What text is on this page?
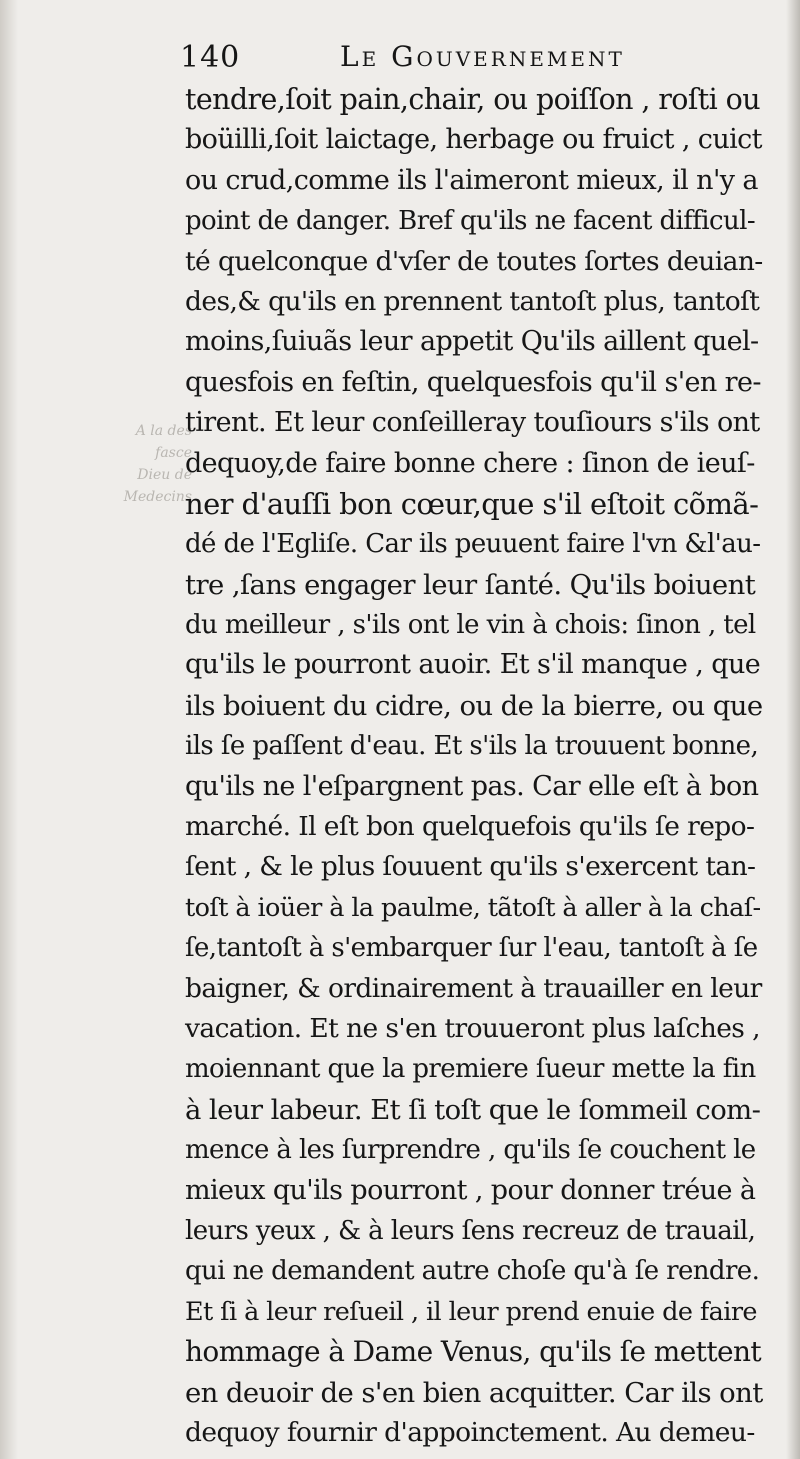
140	Le Gouvernement
A la des
fasce
Dieu de
Medecins
tendre,ſoit pain,chair, ou poiſſon , roſti ou
boüilli,ſoit laictage, herbage ou fruict , cuict
ou crud,comme ils l'aimeront mieux, il n'y a
point de danger. Bref qu'ils ne facent difficul-
té quelconque d'vſer de toutes ſortes deuian-
des,& qu'ils en prennent tantoſt plus, tantoſt
moins,ſuiuãs leur appetit Qu'ils aillent quel-
quesfois en feſtin, quelquesfois qu'il s'en re-
tirent. Et leur conſeilleray touſiours s'ils ont
dequoy,de faire bonne chere : ſinon de ieuſ-
ner d'auſſi bon cœur,que s'il eſtoit cõmã-
dé de l'Egliſe. Car ils peuuent faire l'vn &l'au-
tre ,ſans engager leur ſanté. Qu'ils boiuent
du meilleur , s'ils ont le vin à chois: ſinon , tel
qu'ils le pourront auoir. Et s'il manque , que
ils boiuent du cidre, ou de la bierre, ou que
ils ſe paſſent d'eau. Et s'ils la trouuent bonne,
qu'ils ne l'eſpargnent pas. Car elle eſt à bon
marché. Il eſt bon quelquefois qu'ils ſe repo-
ſent , & le plus ſouuent qu'ils s'exercent tan-
toſt à ioüer à la paulme, tãtoſt à aller à la chaſ-
ſe,tantoſt à s'embarquer ſur l'eau, tantoſt à ſe
baigner, & ordinairement à trauailler en leur
vacation. Et ne s'en trouueront plus laſches ,
moiennant que la premiere ſueur mette la fin
à leur labeur. Et ſi toſt que le ſommeil com-
mence à les ſurprendre , qu'ils ſe couchent le
mieux qu'ils pourront , pour donner tréue à
leurs yeux , & à leurs ſens recreuz de trauail,
qui ne demandent autre choſe qu'à ſe rendre.
Et ſi à leur reſueil , il leur prend enuie de faire
hommage à Dame Venus, qu'ils ſe mettent
en deuoir de s'en bien acquitter. Car ils ont
dequoy fournir d'appoinctement. Au demeu-
